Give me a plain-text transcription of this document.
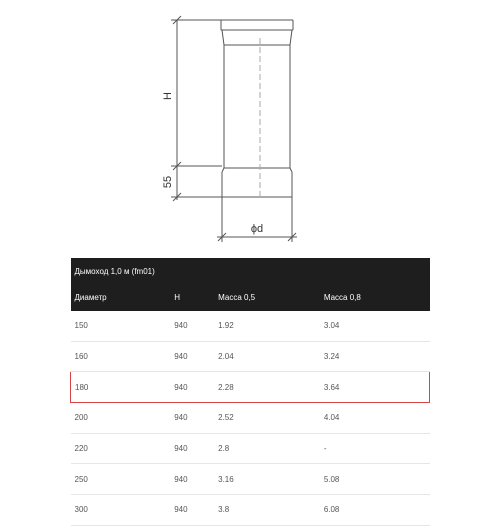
H
55
ϕd
Дымоход 1,0 м (fm01)			
Диаметр	H	Масса 0,5	Масса 0,8
150	940	1.92	3.04
160	940	2.04	3.24
180	940	2.28	3.64
200	940	2.52	4.04
220	940	2.8	-
250	940	3.16	5.08
300	940	3.8	6.08
